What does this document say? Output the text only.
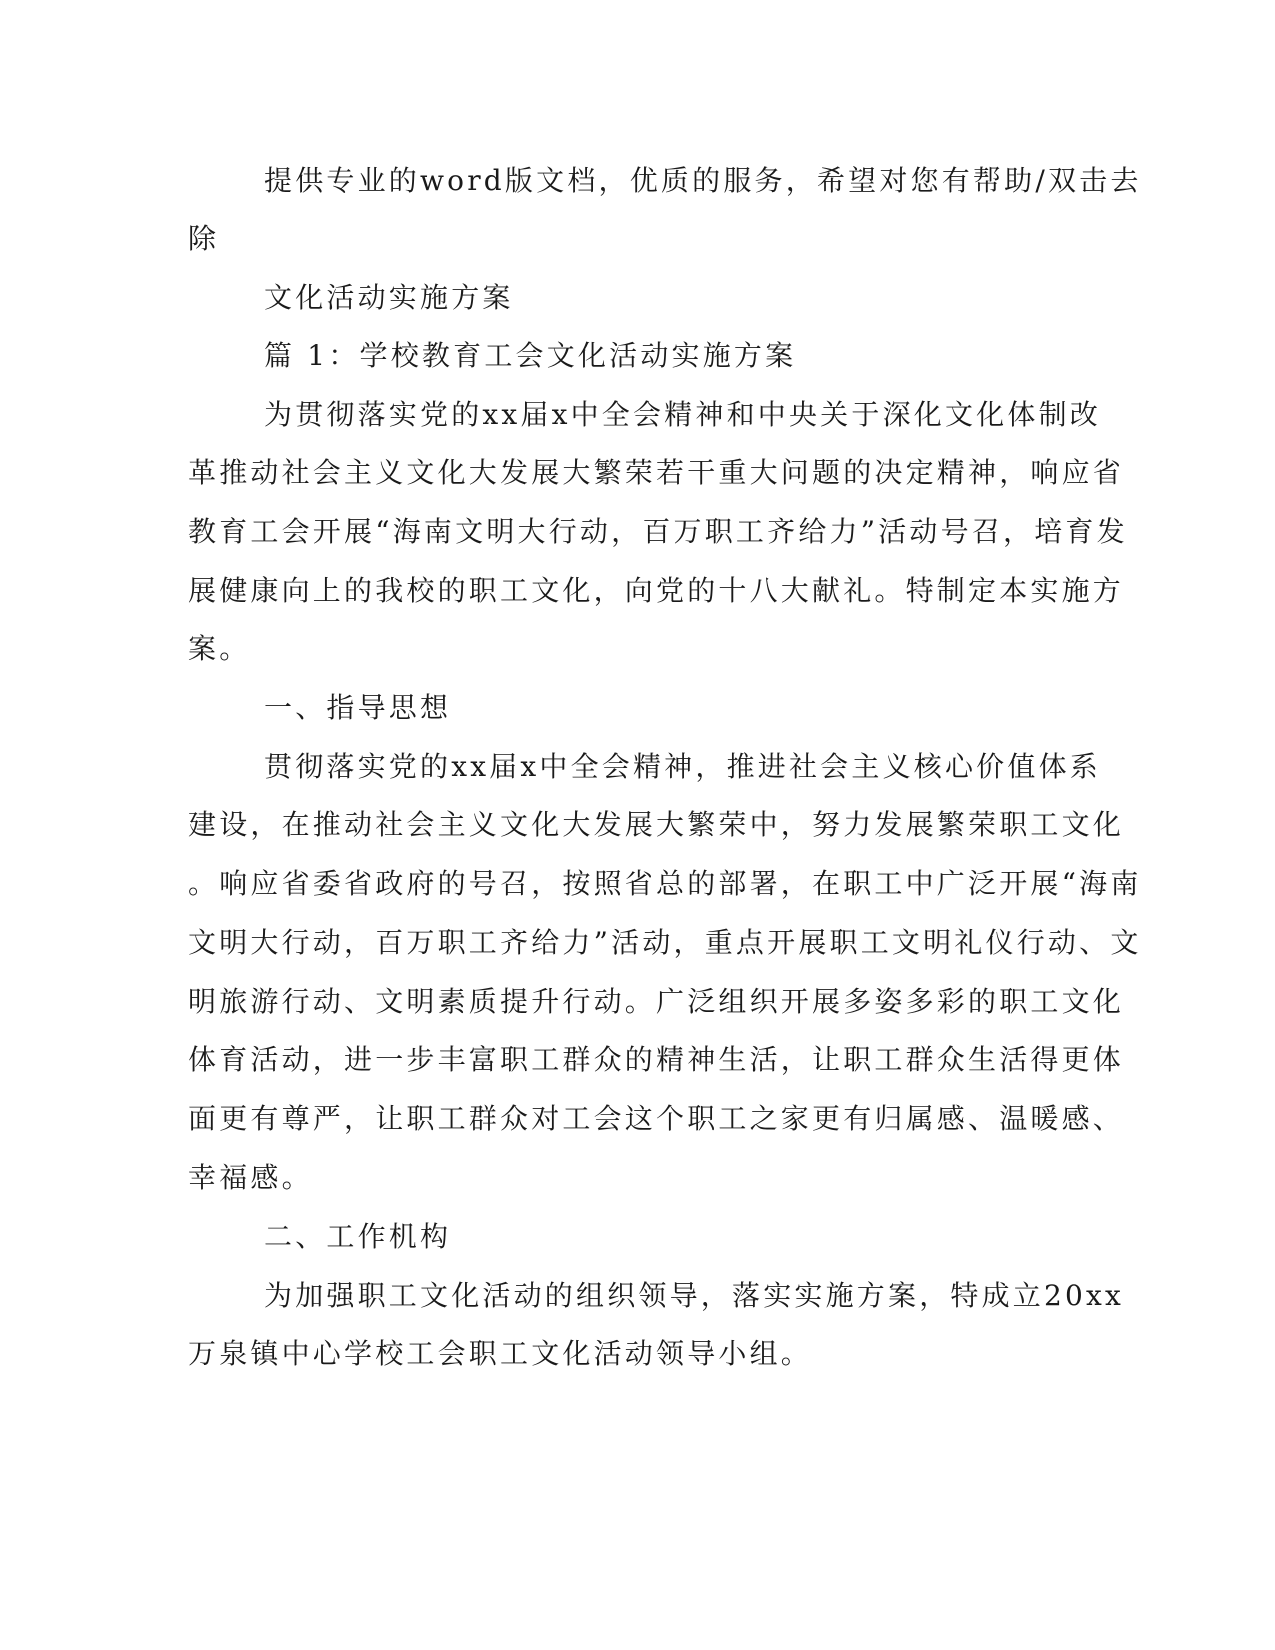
提供专业的word版文档，优质的服务，希望对您有帮助/双击去
除
文化活动实施方案
篇 1：学校教育工会文化活动实施方案
为贯彻落实党的xx届x中全会精神和中央关于深化文化体制改
革推动社会主义文化大发展大繁荣若干重大问题的决定精神，响应省
教育工会开展“海南文明大行动，百万职工齐给力”活动号召，培育发
展健康向上的我校的职工文化，向党的十八大献礼。特制定本实施方
案。
一、指导思想
贯彻落实党的xx届x中全会精神，推进社会主义核心价值体系
建设，在推动社会主义文化大发展大繁荣中，努力发展繁荣职工文化
。响应省委省政府的号召，按照省总的部署，在职工中广泛开展“海南
文明大行动，百万职工齐给力”活动，重点开展职工文明礼仪行动、文
明旅游行动、文明素质提升行动。广泛组织开展多姿多彩的职工文化
体育活动，进一步丰富职工群众的精神生活，让职工群众生活得更体
面更有尊严，让职工群众对工会这个职工之家更有归属感、温暖感、
幸福感。
二、工作机构
为加强职工文化活动的组织领导，落实实施方案，特成立20xx
万泉镇中心学校工会职工文化活动领导小组。
